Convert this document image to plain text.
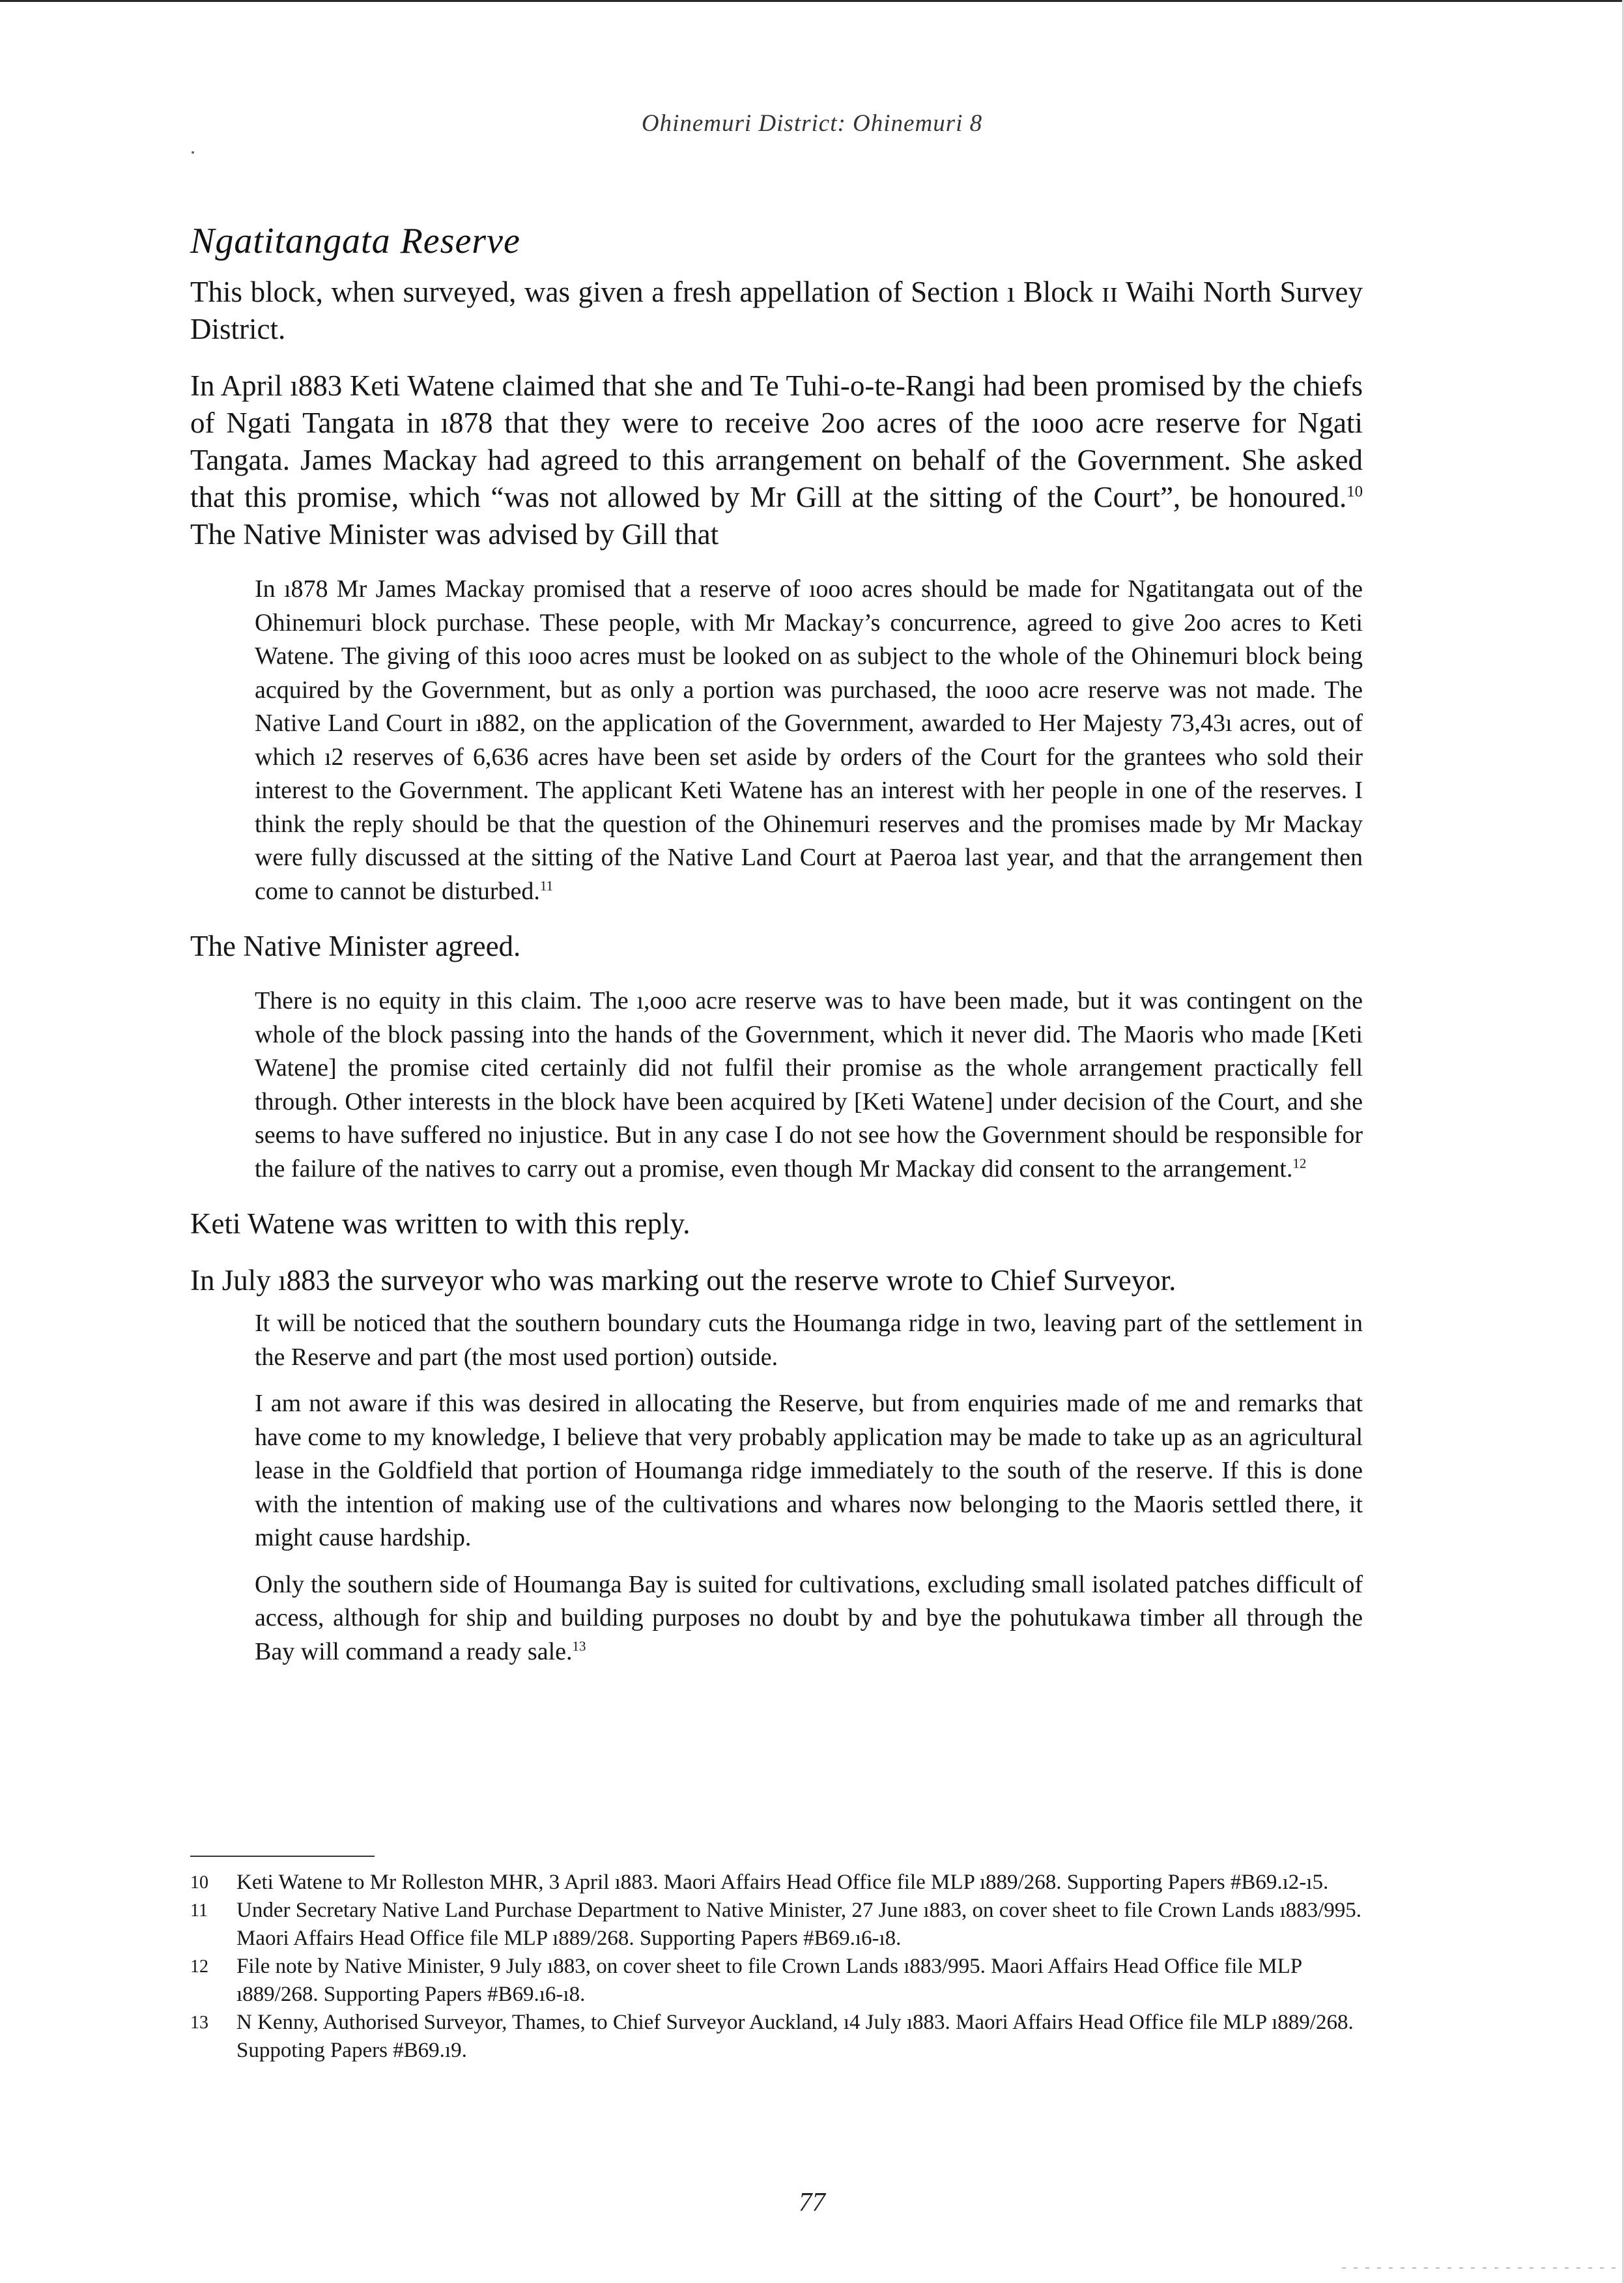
Ohinemuri District: Ohinemuri 8
Ngatitangata Reserve

This block, when surveyed, was given a fresh appellation of Section ı Block ɪɪ Waihi North Survey District.

In April ı883 Keti Watene claimed that she and Te Tuhi-o-te-Rangi had been promised by the chiefs of Ngati Tangata in ı878 that they were to receive 2oo acres of the ıooo acre reserve for Ngati Tangata. James Mackay had agreed to this arrangement on behalf of the Government. She asked that this promise, which “was not allowed by Mr Gill at the sitting of the Court”, be honoured.$^{10}$ The Native Minister was advised by Gill that

In ı878 Mr James Mackay promised that a reserve of ıooo acres should be made for Ngatitangata out of the Ohinemuri block purchase. These people, with Mr Mackay’s concurrence, agreed to give 2oo acres to Keti Watene. The giving of this ıooo acres must be looked on as subject to the whole of the Ohinemuri block being acquired by the Government, but as only a portion was purchased, the ıooo acre reserve was not made. The Native Land Court in ı882, on the application of the Government, awarded to Her Majesty 73,43ı acres, out of which ı2 reserves of 6,636 acres have been set aside by orders of the Court for the grantees who sold their interest to the Government. The applicant Keti Watene has an interest with her people in one of the reserves. I think the reply should be that the question of the Ohinemuri reserves and the promises made by Mr Mackay were fully discussed at the sitting of the Native Land Court at Paeroa last year, and that the arrangement then come to cannot be disturbed.$^{11}$

The Native Minister agreed.

There is no equity in this claim. The ı,ooo acre reserve was to have been made, but it was contingent on the whole of the block passing into the hands of the Government, which it never did. The Maoris who made [Keti Watene] the promise cited certainly did not fulfil their promise as the whole arrangement practically fell through. Other interests in the block have been acquired by [Keti Watene] under decision of the Court, and she seems to have suffered no injustice. But in any case I do not see how the Government should be responsible for the failure of the natives to carry out a promise, even though Mr Mackay did consent to the arrangement.$^{12}$

Keti Watene was written to with this reply.

In July ı883 the surveyor who was marking out the reserve wrote to Chief Surveyor.

It will be noticed that the southern boundary cuts the Houmanga ridge in two, leaving part of the settlement in the Reserve and part (the most used portion) outside.

I am not aware if this was desired in allocating the Reserve, but from enquiries made of me and remarks that have come to my knowledge, I believe that very probably application may be made to take up as an agricultural lease in the Goldfield that portion of Houmanga ridge immediately to the south of the reserve. If this is done with the intention of making use of the cultivations and whares now belonging to the Maoris settled there, it might cause hardship.

Only the southern side of Houmanga Bay is suited for cultivations, excluding small isolated patches difficult of access, although for ship and building purposes no doubt by and bye the pohutukawa timber all through the Bay will command a ready sale.$^{13}$

10	Keti Watene to Mr Rolleston MHR, 3 April ı883. Maori Affairs Head Office file MLP ı889/268. Supporting Papers #B69.ı2-ı5.
11	Under Secretary Native Land Purchase Department to Native Minister, 27 June ı883, on cover sheet to file Crown Lands ı883/995. Maori Affairs Head Office file MLP ı889/268. Supporting Papers #B69.ı6-ı8.
12	File note by Native Minister, 9 July ı883, on cover sheet to file Crown Lands ı883/995. Maori Affairs Head Office file MLP ı889/268. Supporting Papers #B69.ı6-ı8.
13	N Kenny, Authorised Surveyor, Thames, to Chief Surveyor Auckland, ı4 July ı883. Maori Affairs Head Office file MLP ı889/268. Suppoting Papers #B69.ı9.
77
